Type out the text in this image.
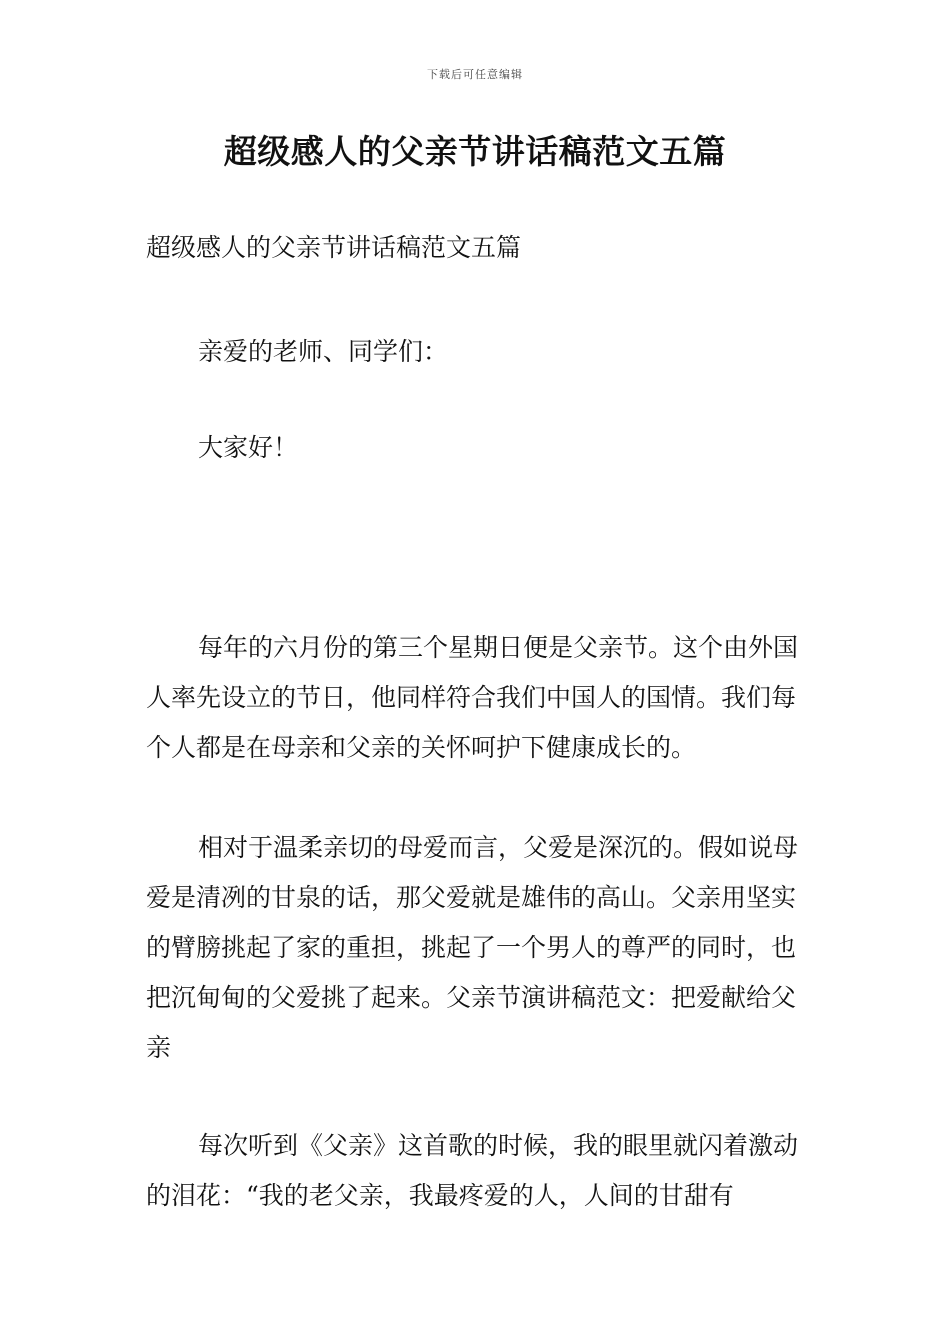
下载后可任意编辑
超级感人的父亲节讲话稿范文五篇

超级感人的父亲节讲话稿范文五篇

亲爱的老师、同学们：

大家好！

每年的六月份的第三个星期日便是父亲节。这个由外国人率先设立的节日，他同样符合我们中国人的国情。我们每个人都是在母亲和父亲的关怀呵护下健康成长的。

相对于温柔亲切的母爱而言，父爱是深沉的。假如说母爱是清冽的甘泉的话，那父爱就是雄伟的高山。父亲用坚实的臂膀挑起了家的重担，挑起了一个男人的尊严的同时，也把沉甸甸的父爱挑了起来。父亲节演讲稿范文：把爱献给父亲

每次听到《父亲》这首歌的时候，我的眼里就闪着激动的泪花：“我的老父亲，我最疼爱的人，人间的甘甜有
